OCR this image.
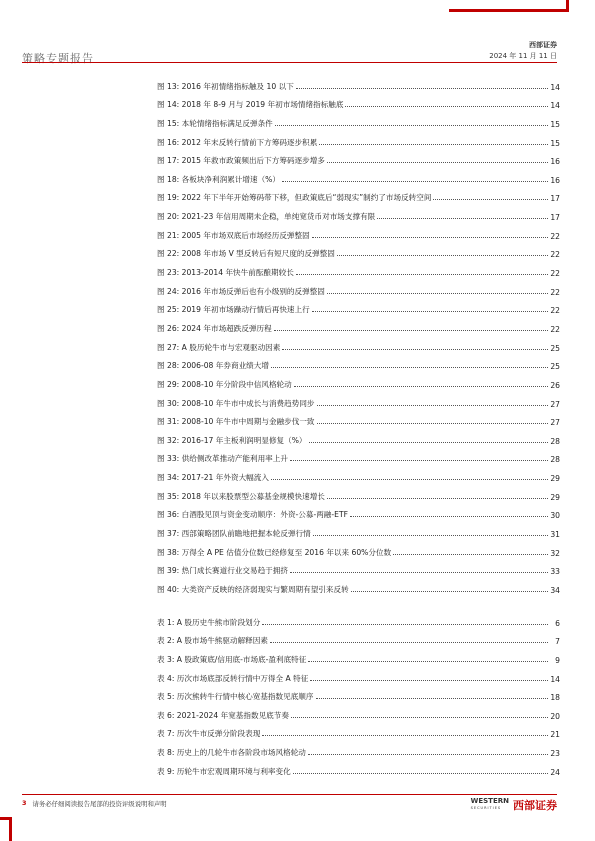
策略专题报告
西部证券
2024 年 11 月 11 日
图 13: 2016 年初情绪指标触及 10 以下	14
图 14: 2018 年 8-9 月与 2019 年初市场情绪指标触底	14
图 15: 本轮情绪指标满足反弹条件	15
图 16: 2012 年末反转行情前下方筹码逐步积累	15
图 17: 2015 年救市政策频出后下方筹码逐步增多	16
图 18: 各板块净利润累计增速（%）	16
图 19: 2022 年下半年开始筹码带下移，但政策底后“弱现实”制约了市场反转空间	17
图 20: 2021-23 年信用周期未企稳，单纯宽货币对市场支撑有限	17
图 21: 2005 年市场双底后市场经历反弹整固	22
图 22: 2008 年市场 V 型反转后有短尺度的反弹整固	22
图 23: 2013-2014 年快牛前酝酿期较长	22
图 24: 2016 年市场反弹后也有小级别的反弹整固	22
图 25: 2019 年初市场躁动行情后再快速上行	22
图 26: 2024 年市场超跌反弹历程	22
图 27: A 股历轮牛市与宏观驱动因素	25
图 28: 2006-08 年券商业绩大增	25
图 29: 2008-10 年分阶段中信风格轮动	26
图 30: 2008-10 年牛市中成长与消费趋势同步	27
图 31: 2008-10 年牛市中周期与金融步伐一致	27
图 32: 2016-17 年主板利润明显修复（%）	28
图 33: 供给侧改革推动产能利用率上升	28
图 34: 2017-21 年外资大幅流入	29
图 35: 2018 年以来股票型公募基金规模快速增长	29
图 36: 白酒股见顶与资金变动顺序：外资-公募-两融-ETF	30
图 37: 西部策略团队前瞻地把握本轮反弹行情	31
图 38: 万得全 A PE 估值分位数已经修复至 2016 年以来 60%分位数	32
图 39: 热门成长赛道行业交易趋于拥挤	33
图 40: 大类资产反映的经济弱现实与繁周期有望引来反转	34
表 1: A 股历史牛熊市阶段划分	6
表 2: A 股市场牛熊驱动解释因素	7
表 3: A 股政策底/信用底-市场底-盈利底特征	9
表 4: 历次市场底部反转行情中万得全 A 特征	14
表 5: 历次熊转牛行情中核心宽基指数见底顺序	18
表 6: 2021-2024 年宽基指数见底节奏	20
表 7: 历次牛市反弹分阶段表现	21
表 8: 历史上的几轮牛市各阶段市场风格轮动	23
表 9: 历轮牛市宏观周期环境与利率变化	24
3 请务必仔细阅读报告尾部的投资评级说明和声明	WESTERN
SECURITIES	西部证券
